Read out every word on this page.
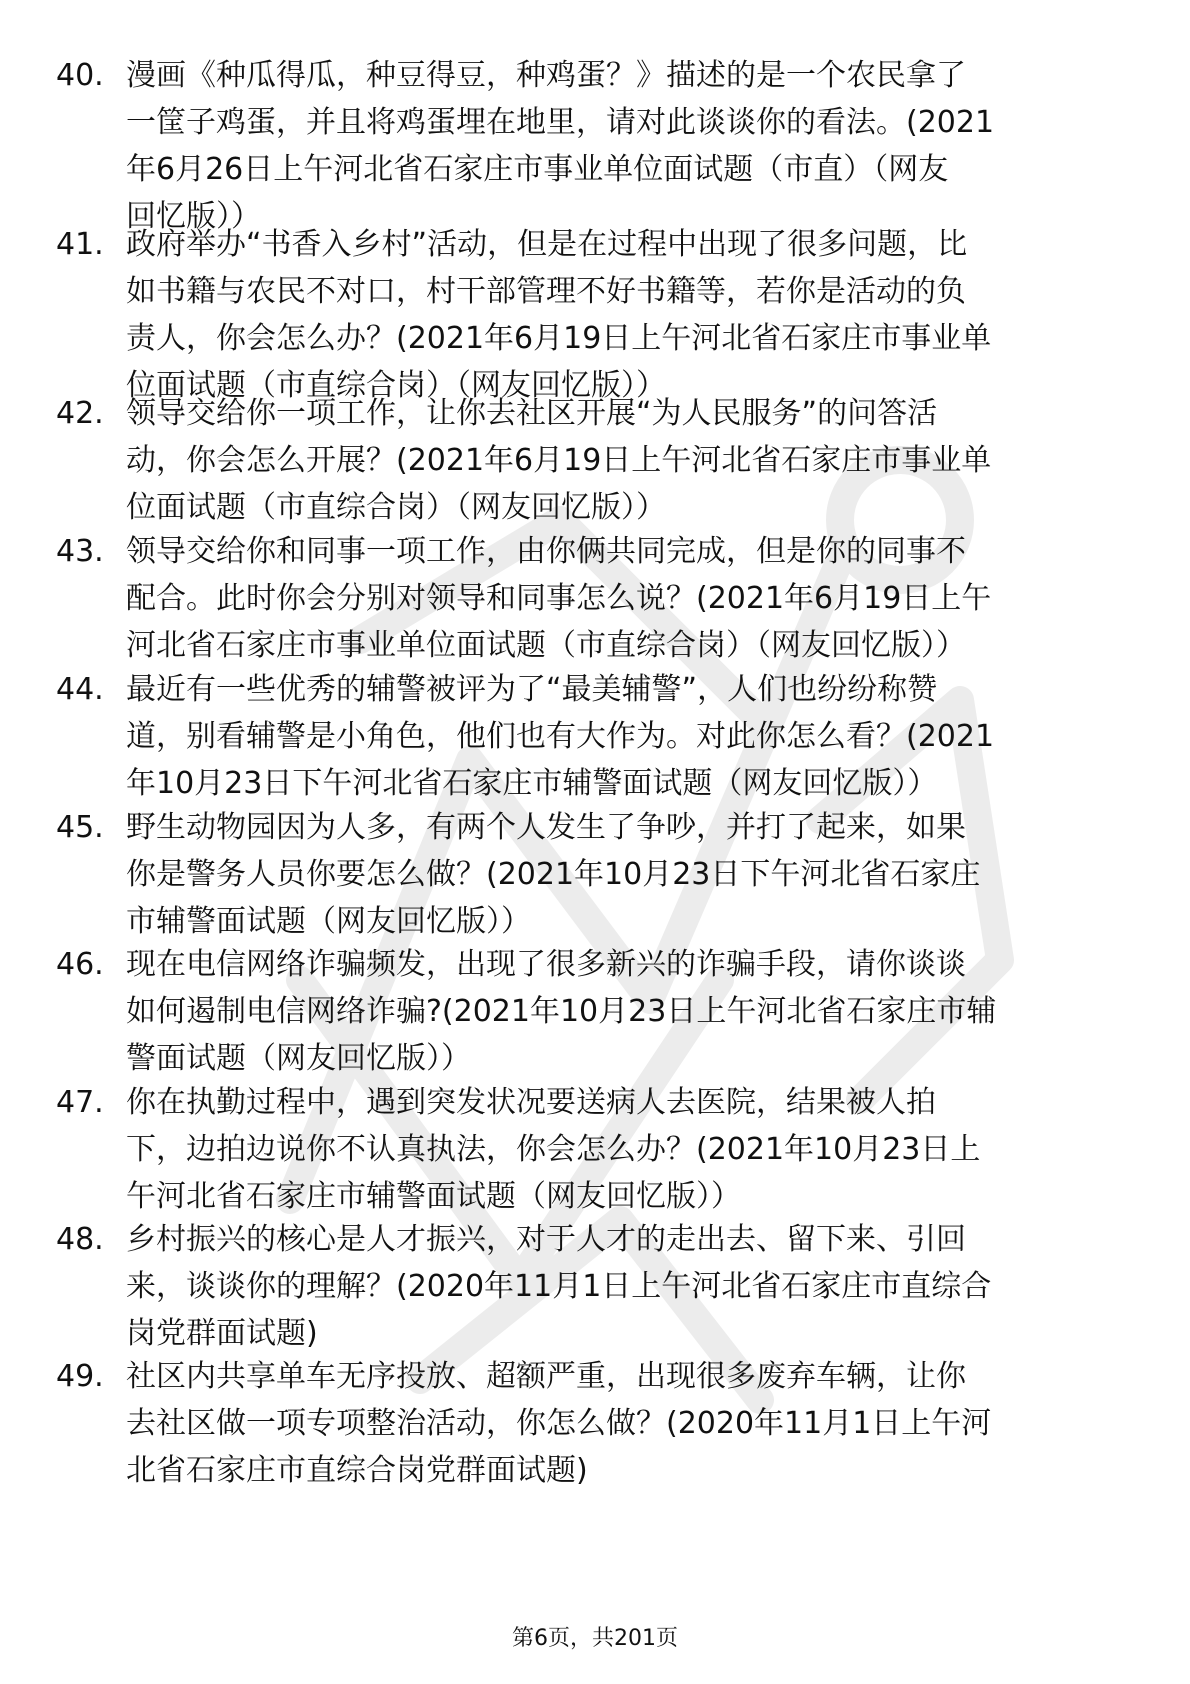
40. 漫画《种瓜得瓜，种豆得豆，种鸡蛋？》描述的是一个农民拿了
一筐子鸡蛋，并且将鸡蛋埋在地里，请对此谈谈你的看法。(2021
年6月26日上午河北省石家庄市事业单位面试题（市直）（网友
回忆版））

41. 政府举办“书香入乡村”活动，但是在过程中出现了很多问题，比
如书籍与农民不对口，村干部管理不好书籍等，若你是活动的负
责人，你会怎么办？(2021年6月19日上午河北省石家庄市事业单
位面试题（市直综合岗）（网友回忆版））

42. 领导交给你一项工作，让你去社区开展“为人民服务”的问答活
动，你会怎么开展？(2021年6月19日上午河北省石家庄市事业单
位面试题（市直综合岗）（网友回忆版））

43. 领导交给你和同事一项工作，由你俩共同完成，但是你的同事不
配合。此时你会分别对领导和同事怎么说？(2021年6月19日上午
河北省石家庄市事业单位面试题（市直综合岗）（网友回忆版））

44. 最近有一些优秀的辅警被评为了“最美辅警”，人们也纷纷称赞
道，别看辅警是小角色，他们也有大作为。对此你怎么看？(2021
年10月23日下午河北省石家庄市辅警面试题（网友回忆版））

45. 野生动物园因为人多，有两个人发生了争吵，并打了起来，如果
你是警务人员你要怎么做？(2021年10月23日下午河北省石家庄
市辅警面试题（网友回忆版））

46. 现在电信网络诈骗频发，出现了很多新兴的诈骗手段，请你谈谈
如何遏制电信网络诈骗?(2021年10月23日上午河北省石家庄市辅
警面试题（网友回忆版））

47. 你在执勤过程中，遇到突发状况要送病人去医院，结果被人拍
下，边拍边说你不认真执法，你会怎么办？(2021年10月23日上
午河北省石家庄市辅警面试题（网友回忆版））

48. 乡村振兴的核心是人才振兴，对于人才的走出去、留下来、引回
来，谈谈你的理解？(2020年11月1日上午河北省石家庄市直综合
岗党群面试题)

49. 社区内共享单车无序投放、超额严重，出现很多废弃车辆，让你
去社区做一项专项整治活动，你怎么做？(2020年11月1日上午河
北省石家庄市直综合岗党群面试题)

第6页，共201页
